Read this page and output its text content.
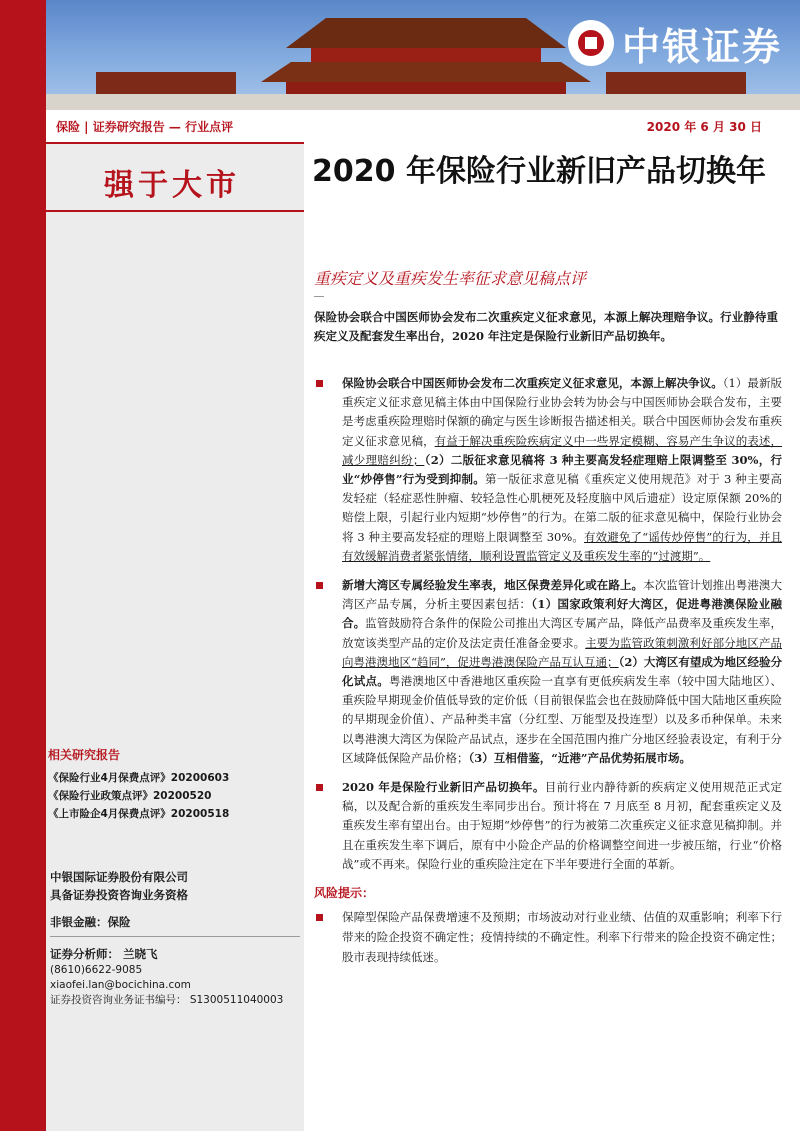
中银证券
保险 | 证券研究报告 — 行业点评	2020 年 6 月 30 日
强于大市
相关研究报告
《保险行业4月保费点评》20200603
《保险行业政策点评》20200520
《上市险企4月保费点评》20200518
中银国际证券股份有限公司
具备证券投资咨询业务资格
非银金融：保险
证券分析师： 兰晓飞
(8610)6622-9085
xiaofei.lan@bocichina.com
证券投资咨询业务证书编号： S1300511040003
2020 年保险行业新旧产品切换年
重疾定义及重疾发生率征求意见稿点评
保险协会联合中国医师协会发布二次重疾定义征求意见，本源上解决理赔争议。行业静待重疾定义及配套发生率出台，2020 年注定是保险行业新旧产品切换年。
保险协会联合中国医师协会发布二次重疾定义征求意见，本源上解决争议。（1）最新版重疾定义征求意见稿主体由中国保险行业协会转为协会与中国医师协会联合发布，主要是考虑重疾险理赔时保额的确定与医生诊断报告描述相关。联合中国医师协会发布重疾定义征求意见稿，有益于解决重疾险疾病定义中一些界定模糊、容易产生争议的表述，减少理赔纠纷；（2）二版征求意见稿将 3 种主要高发轻症理赔上限调整至 30%，行业“炒停售”行为受到抑制。第一版征求意见稿《重疾定义使用规范》对于 3 种主要高发轻症（轻症恶性肿瘤、较轻急性心肌梗死及轻度脑中风后遗症）设定原保额 20%的赔偿上限，引起行业内短期“炒停售”的行为。在第二版的征求意见稿中，保险行业协会将 3 种主要高发轻症的理赔上限调整至 30%。有效避免了“谣传炒停售”的行为，并且有效缓解消费者紧张情绪，顺利设置监管定义及重疾发生率的“过渡期”。
新增大湾区专属经验发生率表，地区保费差异化或在路上。本次监管计划推出粤港澳大湾区产品专属，分析主要因素包括：（1）国家政策利好大湾区，促进粤港澳保险业融合。监管鼓励符合条件的保险公司推出大湾区专属产品，降低产品费率及重疾发生率，放宽该类型产品的定价及法定责任准备金要求。主要为监管政策刺激利好部分地区产品向粤港澳地区“趋同”，促进粤港澳保险产品互认互通；（2）大湾区有望成为地区经验分化试点。粤港澳地区中香港地区重疾险一直享有更低疾病发生率（较中国大陆地区）、重疾险早期现金价值低导致的定价低（目前银保监会也在鼓励降低中国大陆地区重疾险的早期现金价值）、产品种类丰富（分红型、万能型及投连型）以及多币种保单。未来以粤港澳大湾区为保险产品试点，逐步在全国范围内推广分地区经验表设定，有利于分区域降低保险产品价格；（3）互相借鉴，“近港”产品优势拓展市场。
2020 年是保险行业新旧产品切换年。目前行业内静待新的疾病定义使用规范正式定稿，以及配合新的重疾发生率同步出台。预计将在 7 月底至 8 月初，配套重疾定义及重疾发生率有望出台。由于短期“炒停售”的行为被第二次重疾定义征求意见稿抑制。并且在重疾发生率下调后，原有中小险企产品的价格调整空间进一步被压缩，行业“价格战”或不再来。保险行业的重疾险注定在下半年要进行全面的革新。
风险提示：
保障型保险产品保费增速不及预期；市场波动对行业业绩、估值的双重影响；利率下行带来的险企投资不确定性；疫情持续的不确定性。利率下行带来的险企投资不确定性；股市表现持续低迷。
